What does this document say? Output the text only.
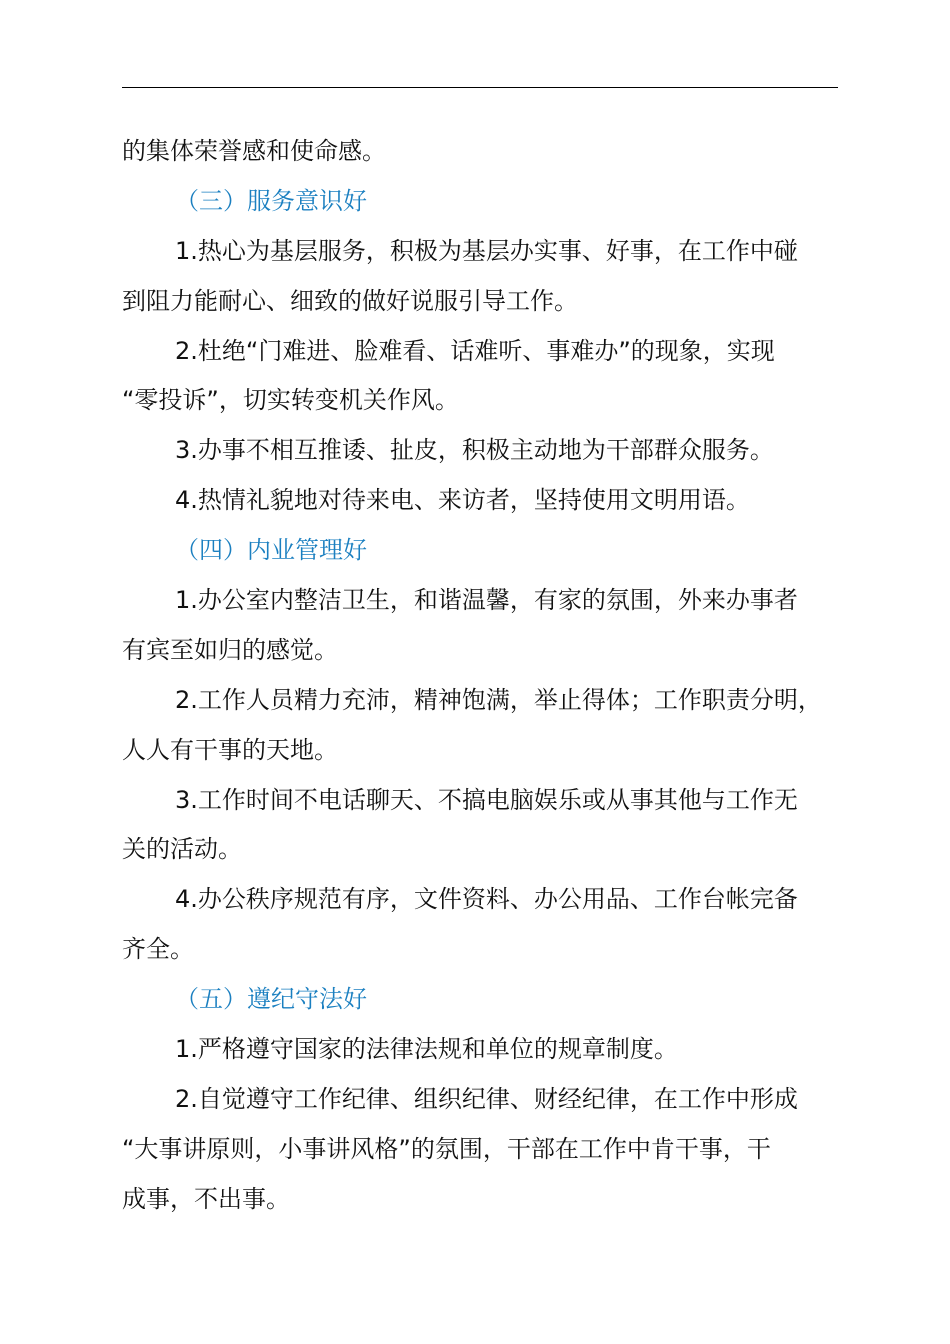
的集体荣誉感和使命感。
（三）服务意识好
1.热心为基层服务，积极为基层办实事、好事，在工作中碰
到阻力能耐心、细致的做好说服引导工作。
2.杜绝“门难进、脸难看、话难听、事难办”的现象，实现
“零投诉”，切实转变机关作风。
3.办事不相互推诿、扯皮，积极主动地为干部群众服务。
4.热情礼貌地对待来电、来访者，坚持使用文明用语。
（四）内业管理好
1.办公室内整洁卫生，和谐温馨，有家的氛围，外来办事者
有宾至如归的感觉。
2.工作人员精力充沛，精神饱满，举止得体；工作职责分明，
人人有干事的天地。
3.工作时间不电话聊天、不搞电脑娱乐或从事其他与工作无
关的活动。
4.办公秩序规范有序，文件资料、办公用品、工作台帐完备
齐全。
（五）遵纪守法好
1.严格遵守国家的法律法规和单位的规章制度。
2.自觉遵守工作纪律、组织纪律、财经纪律，在工作中形成
“大事讲原则，小事讲风格”的氛围，干部在工作中肯干事，干
成事，不出事。
